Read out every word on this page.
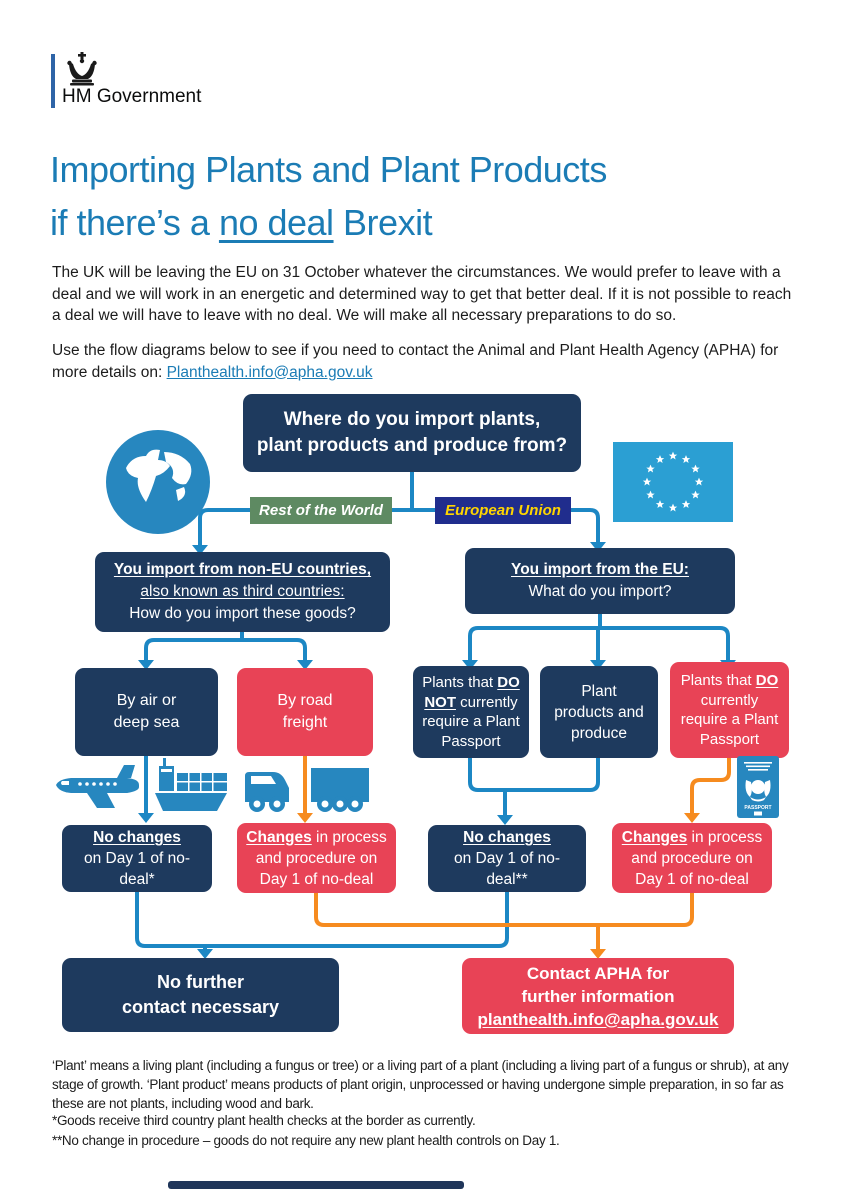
HM Government
Importing Plants and Plant Products
if there’s a no deal Brexit
The UK will be leaving the EU on 31 October whatever the circumstances. We would prefer to leave with a deal and we will work in an energetic and determined way to get that better deal. If it is not possible to reach a deal we will have to leave with no deal. We will make all necessary preparations to do so.
Use the flow diagrams below to see if you need to contact the Animal and Plant Health Agency (APHA) for more details on: Planthealth.info@apha.gov.uk
Where do you import plants,
plant products and produce from?
Rest of the World	European Union
You import from non-EU countries,
also known as third countries:
How do you import these goods?
You import from the EU:
What do you import?
By air or
deep sea
By road
freight
Plants that DO NOT currently require a Plant Passport
Plant products and produce
Plants that DO currently require a Plant Passport
PASSPORT
No changes
on Day 1 of no-deal*
Changes in process and procedure on Day 1 of no-deal
No changes
on Day 1 of no-deal**
Changes in process and procedure on Day 1 of no-deal
No further
contact necessary
Contact APHA for
further information
planthealth.info@apha.gov.uk
‘Plant’ means a living plant (including a fungus or tree) or a living part of a plant (including a living part of a fungus or shrub), at any stage of growth. ‘Plant product’ means products of plant origin, unprocessed or having undergone simple preparation, in so far as these are not plants, including wood and bark.
*Goods receive third country plant health checks at the border as currently.
**No change in procedure – goods do not require any new plant health controls on Day 1.
